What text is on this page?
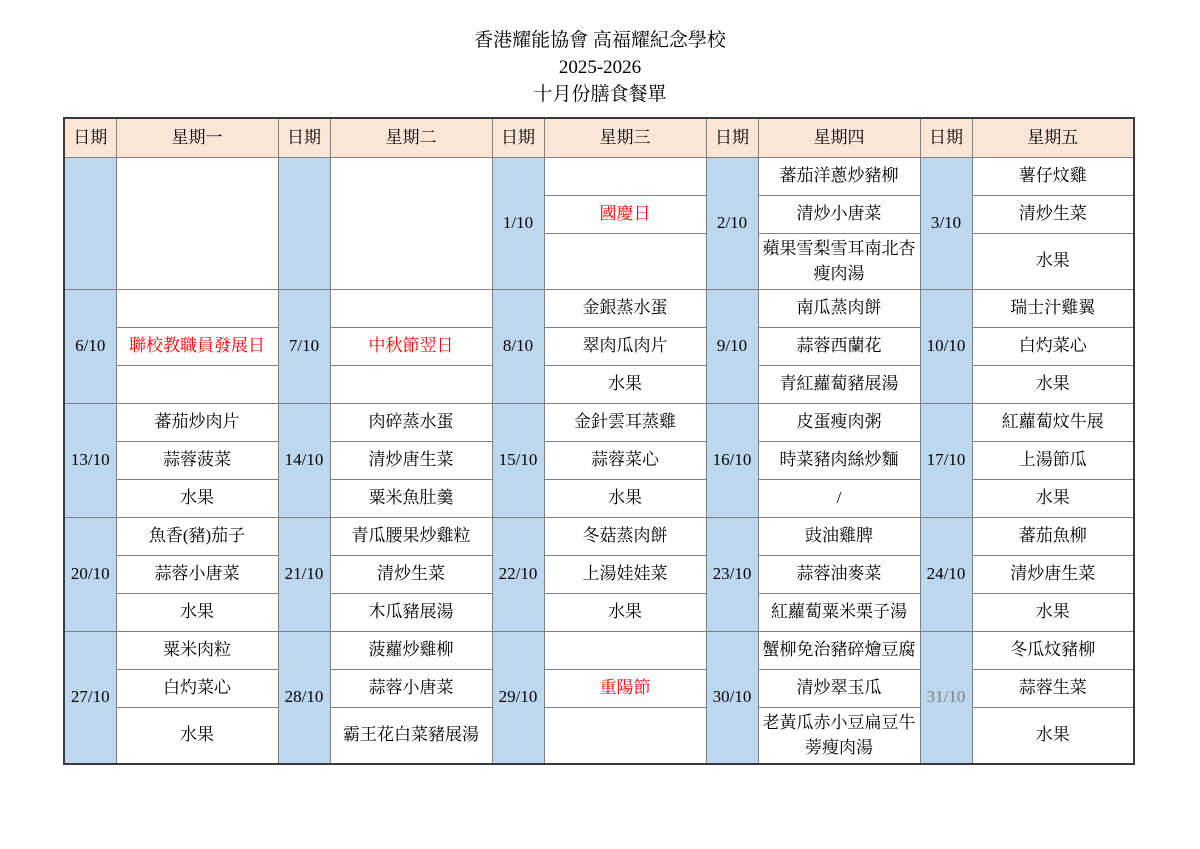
香港耀能協會 高福耀紀念學校
2025-2026
十月份膳食餐單
日期	星期一	日期	星期二	日期	星期三	日期	星期四	日期	星期五
				1/10		2/10	蕃茄洋蔥炒豬柳	3/10	薯仔炆雞
					國慶日		清炒小唐菜		清炒生菜
							蘋果雪梨雪耳南北杏瘦肉湯		水果
6/10		7/10		8/10	金銀蒸水蛋	9/10	南瓜蒸肉餅	10/10	瑞士汁雞翼
	聯校教職員發展日		中秋節翌日		翠肉瓜肉片		蒜蓉西蘭花		白灼菜心
					水果		青紅蘿蔔豬展湯		水果
13/10	蕃茄炒肉片	14/10	肉碎蒸水蛋	15/10	金針雲耳蒸雞	16/10	皮蛋瘦肉粥	17/10	紅蘿蔔炆牛展
	蒜蓉菠菜		清炒唐生菜		蒜蓉菜心		時菜豬肉絲炒麵		上湯節瓜
	水果		粟米魚肚羹		水果		/		水果
20/10	魚香(豬)茄子	21/10	青瓜腰果炒雞粒	22/10	冬菇蒸肉餅	23/10	豉油雞脾	24/10	蕃茄魚柳
	蒜蓉小唐菜		清炒生菜		上湯娃娃菜		蒜蓉油麥菜		清炒唐生菜
	水果		木瓜豬展湯		水果		紅蘿蔔粟米栗子湯		水果
27/10	粟米肉粒	28/10	菠蘿炒雞柳	29/10		30/10	蟹柳免治豬碎燴豆腐	31/10	冬瓜炆豬柳
	白灼菜心		蒜蓉小唐菜		重陽節		清炒翠玉瓜		蒜蓉生菜
	水果		霸王花白菜豬展湯				老黃瓜赤小豆扁豆牛蒡瘦肉湯		水果
